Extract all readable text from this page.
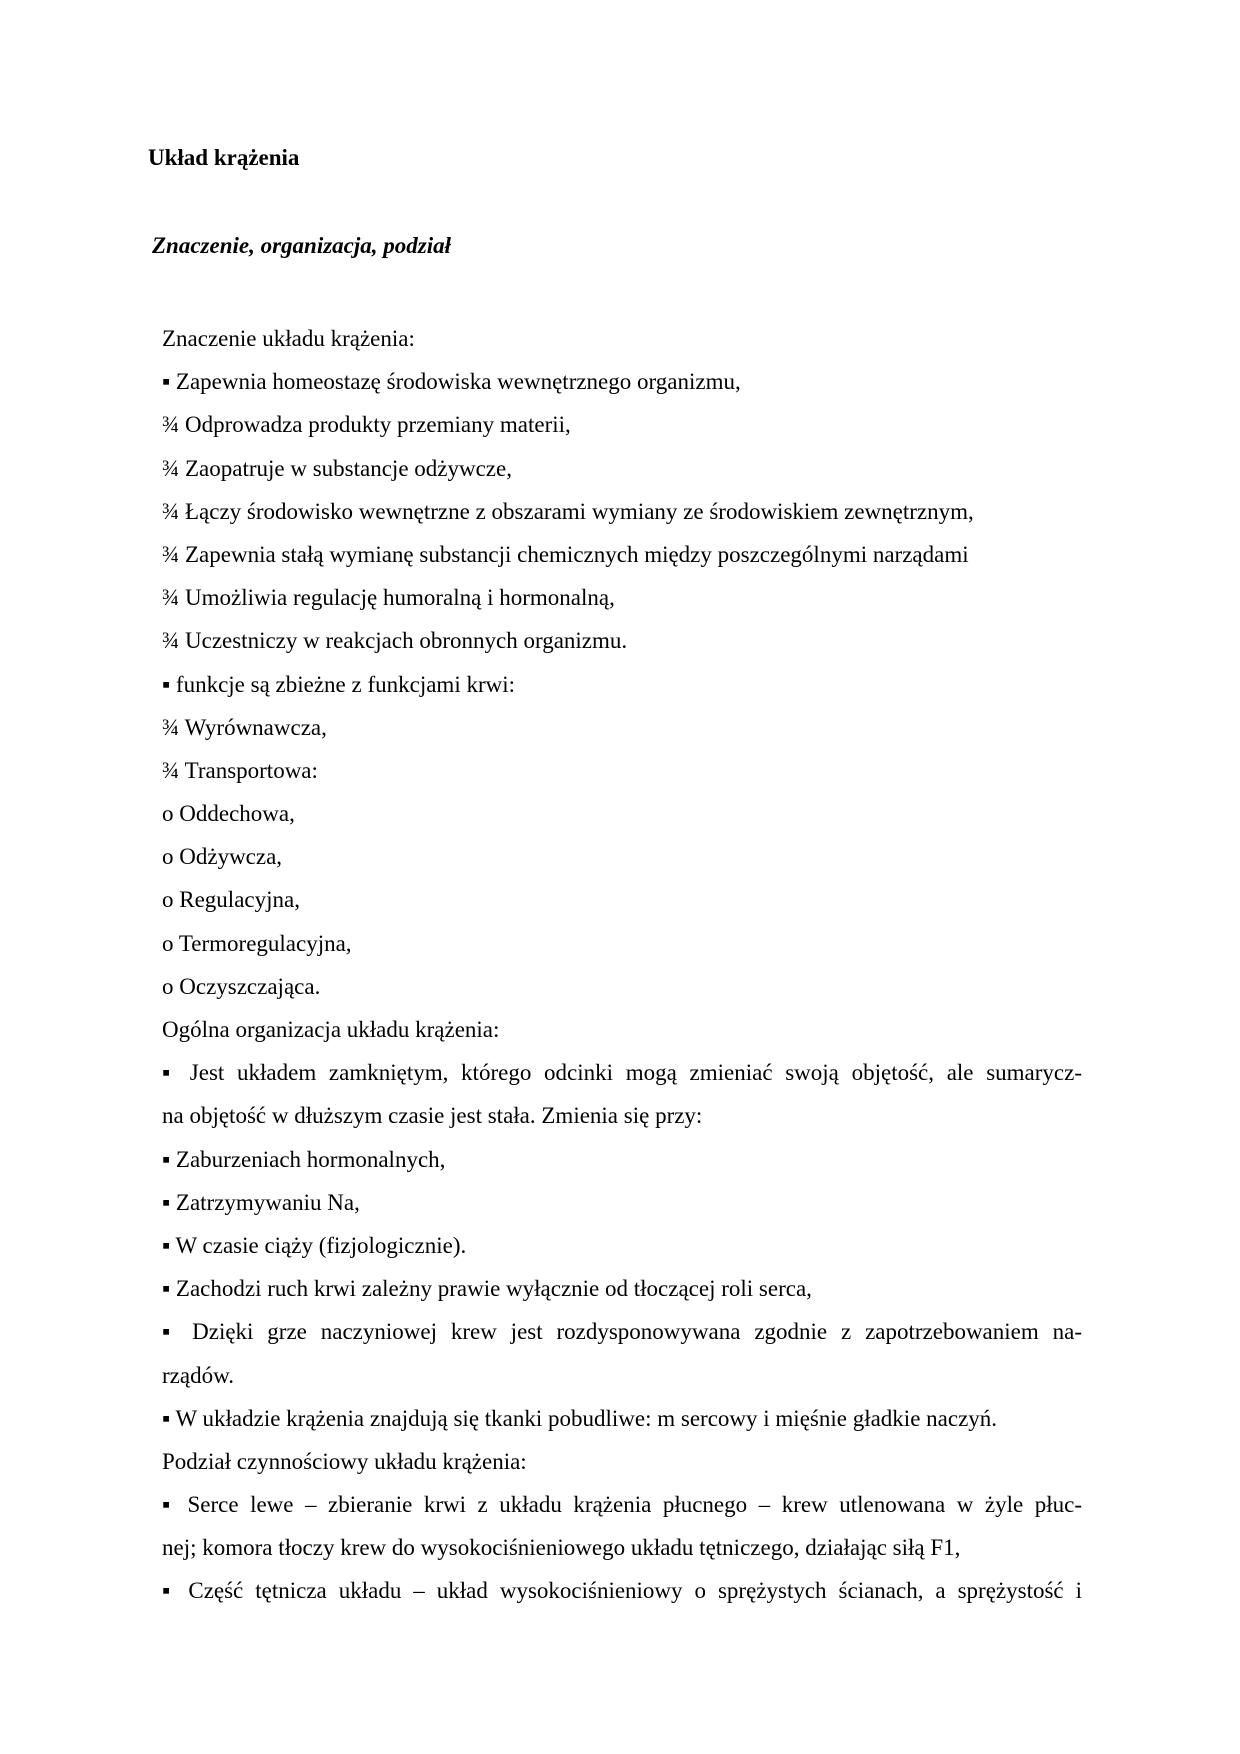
Układ krążenia
Znaczenie, organizacja, podział
Znaczenie układu krążenia:
▪ Zapewnia homeostazę środowiska wewnętrznego organizmu,
¾ Odprowadza produkty przemiany materii,
¾ Zaopatruje w substancje odżywcze,
¾ Łączy środowisko wewnętrzne z obszarami wymiany ze środowiskiem zewnętrznym,
¾ Zapewnia stałą wymianę substancji chemicznych między poszczególnymi narządami
¾ Umożliwia regulację humoralną i hormonalną,
¾ Uczestniczy w reakcjach obronnych organizmu.
▪ funkcje są zbieżne z funkcjami krwi:
¾ Wyrównawcza,
¾ Transportowa:
o Oddechowa,
o Odżywcza,
o Regulacyjna,
o Termoregulacyjna,
o Oczyszczająca.
Ogólna organizacja układu krążenia:
▪ Jest układem zamkniętym, którego odcinki mogą zmieniać swoją objętość, ale sumarycz-
na objętość w dłuższym czasie jest stała. Zmienia się przy:
▪ Zaburzeniach hormonalnych,
▪ Zatrzymywaniu Na,
▪ W czasie ciąży (fizjologicznie).
▪ Zachodzi ruch krwi zależny prawie wyłącznie od tłoczącej roli serca,
▪ Dzięki grze naczyniowej krew jest rozdysponowywana zgodnie z zapotrzebowaniem na-
rządów.
▪ W układzie krążenia znajdują się tkanki pobudliwe: m sercowy i mięśnie gładkie naczyń.
Podział czynnościowy układu krążenia:
▪ Serce lewe – zbieranie krwi z układu krążenia płucnego – krew utlenowana w żyle płuc-
nej; komora tłoczy krew do wysokociśnieniowego układu tętniczego, działając siłą F1,
▪ Część tętnicza układu – układ wysokociśnieniowy o sprężystych ścianach, a sprężystość i
